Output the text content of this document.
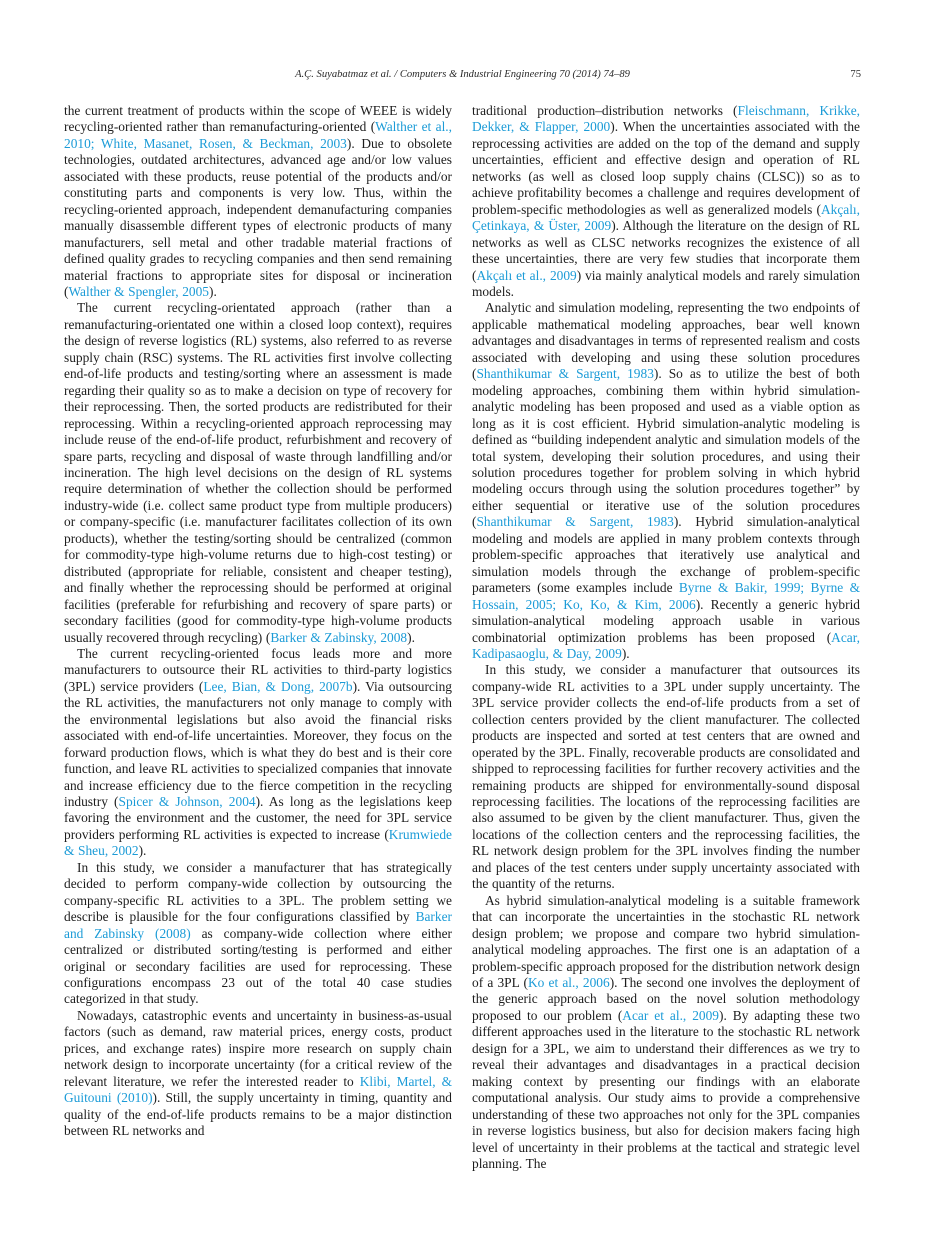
A.Ç. Suyabatmaz et al. / Computers & Industrial Engineering 70 (2014) 74–89	75

the current treatment of products within the scope of WEEE is widely recycling-oriented rather than remanufacturing-oriented (Walther et al., 2010; White, Masanet, Rosen, & Beckman, 2003). Due to obsolete technologies, outdated architectures, advanced age and/or low values associated with these products, reuse potential of the products and/or constituting parts and components is very low. Thus, within the recycling-oriented approach, independent demanufacturing companies manually disassemble different types of electronic products of many manufacturers, sell metal and other tradable material fractions of defined quality grades to recycling companies and then send remaining material fractions to appropriate sites for disposal or incineration (Walther & Spengler, 2005).

The current recycling-orientated approach (rather than a remanufacturing-orientated one within a closed loop context), requires the design of reverse logistics (RL) systems, also referred to as reverse supply chain (RSC) systems. The RL activities first involve collecting end-of-life products and testing/sorting where an assessment is made regarding their quality so as to make a decision on type of recovery for their reprocessing. Then, the sorted products are redistributed for their reprocessing. Within a recycling-oriented approach reprocessing may include reuse of the end-of-life product, refurbishment and recovery of spare parts, recycling and disposal of waste through landfilling and/or incineration. The high level decisions on the design of RL systems require determination of whether the collection should be performed industry-wide (i.e. collect same product type from multiple producers) or company-specific (i.e. manufacturer facilitates collection of its own products), whether the testing/sorting should be centralized (common for commodity-type high-volume returns due to high-cost testing) or distributed (appropriate for reliable, consistent and cheaper testing), and finally whether the reprocessing should be performed at original facilities (preferable for refurbishing and recovery of spare parts) or secondary facilities (good for commodity-type high-volume products usually recovered through recycling) (Barker & Zabinsky, 2008).

The current recycling-oriented focus leads more and more manufacturers to outsource their RL activities to third-party logistics (3PL) service providers (Lee, Bian, & Dong, 2007b). Via outsourcing the RL activities, the manufacturers not only manage to comply with the environmental legislations but also avoid the financial risks associated with end-of-life uncertainties. Moreover, they focus on the forward production flows, which is what they do best and is their core function, and leave RL activities to specialized companies that innovate and increase efficiency due to the fierce competition in the recycling industry (Spicer & Johnson, 2004). As long as the legislations keep favoring the environment and the customer, the need for 3PL service providers performing RL activities is expected to increase (Krumwiede & Sheu, 2002).

In this study, we consider a manufacturer that has strategically decided to perform company-wide collection by outsourcing the company-specific RL activities to a 3PL. The problem setting we describe is plausible for the four configurations classified by Barker and Zabinsky (2008) as company-wide collection where either centralized or distributed sorting/testing is performed and either original or secondary facilities are used for reprocessing. These configurations encompass 23 out of the total 40 case studies categorized in that study.

Nowadays, catastrophic events and uncertainty in business-as-usual factors (such as demand, raw material prices, energy costs, product prices, and exchange rates) inspire more research on supply chain network design to incorporate uncertainty (for a critical review of the relevant literature, we refer the interested reader to Klibi, Martel, & Guitouni (2010)). Still, the supply uncertainty in timing, quantity and quality of the end-of-life products remains to be a major distinction between RL networks and

traditional production–distribution networks (Fleischmann, Krikke, Dekker, & Flapper, 2000). When the uncertainties associated with the reprocessing activities are added on the top of the demand and supply uncertainties, efficient and effective design and operation of RL networks (as well as closed loop supply chains (CLSC)) so as to achieve profitability becomes a challenge and requires development of problem-specific methodologies as well as generalized models (Akçalı, Çetinkaya, & Üster, 2009). Although the literature on the design of RL networks as well as CLSC networks recognizes the existence of all these uncertainties, there are very few studies that incorporate them (Akçalı et al., 2009) via mainly analytical models and rarely simulation models.

Analytic and simulation modeling, representing the two endpoints of applicable mathematical modeling approaches, bear well known advantages and disadvantages in terms of represented realism and costs associated with developing and using these solution procedures (Shanthikumar & Sargent, 1983). So as to utilize the best of both modeling approaches, combining them within hybrid simulation-analytic modeling has been proposed and used as a viable option as long as it is cost efficient. Hybrid simulation-analytic modeling is defined as “building independent analytic and simulation models of the total system, developing their solution procedures, and using their solution procedures together for problem solving in which hybrid modeling occurs through using the solution procedures together” by either sequential or iterative use of the solution procedures (Shanthikumar & Sargent, 1983). Hybrid simulation-analytical modeling and models are applied in many problem contexts through problem-specific approaches that iteratively use analytical and simulation models through the exchange of problem-specific parameters (some examples include Byrne & Bakir, 1999; Byrne & Hossain, 2005; Ko, Ko, & Kim, 2006). Recently a generic hybrid simulation-analytical modeling approach usable in various combinatorial optimization problems has been proposed (Acar, Kadipasaoglu, & Day, 2009).

In this study, we consider a manufacturer that outsources its company-wide RL activities to a 3PL under supply uncertainty. The 3PL service provider collects the end-of-life products from a set of collection centers provided by the client manufacturer. The collected products are inspected and sorted at test centers that are owned and operated by the 3PL. Finally, recoverable products are consolidated and shipped to reprocessing facilities for further recovery activities and the remaining products are shipped for environmentally-sound disposal reprocessing facilities. The locations of the reprocessing facilities are also assumed to be given by the client manufacturer. Thus, given the locations of the collection centers and the reprocessing facilities, the RL network design problem for the 3PL involves finding the number and places of the test centers under supply uncertainty associated with the quantity of the returns.

As hybrid simulation-analytical modeling is a suitable framework that can incorporate the uncertainties in the stochastic RL network design problem; we propose and compare two hybrid simulation-analytical modeling approaches. The first one is an adaptation of a problem-specific approach proposed for the distribution network design of a 3PL (Ko et al., 2006). The second one involves the deployment of the generic approach based on the novel solution methodology proposed to our problem (Acar et al., 2009). By adapting these two different approaches used in the literature to the stochastic RL network design for a 3PL, we aim to understand their differences as we try to reveal their advantages and disadvantages in a practical decision making context by presenting our findings with an elaborate computational analysis. Our study aims to provide a comprehensive understanding of these two approaches not only for the 3PL companies in reverse logistics business, but also for decision makers facing high level of uncertainty in their problems at the tactical and strategic level planning. The
